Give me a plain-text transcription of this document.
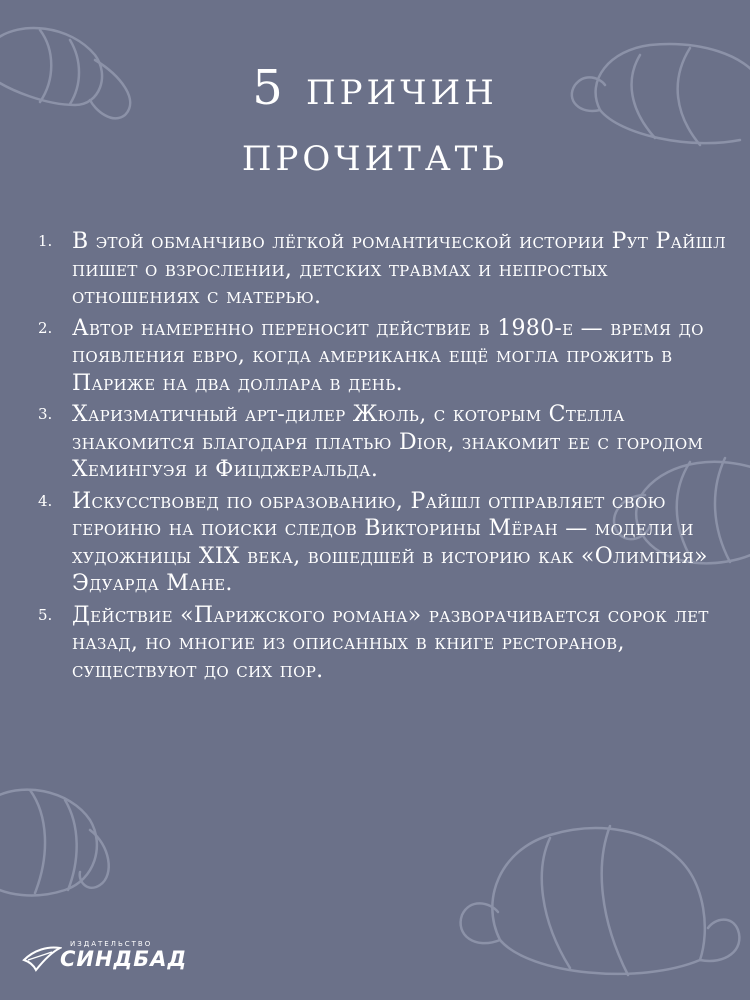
5 причин
прочитать
1. В этой обманчиво лёгкой романтической истории Рут Райшл пишет о взрослении, детских травмах и непростых отношениях с матерью.
2. Автор намеренно переносит действие в 1980-е — время до появления евро, когда американка ещё могла прожить в Париже на два доллара в день.
3. Харизматичный арт-дилер Жюль, с которым Стелла знакомится благодаря платью Dior, знакомит ее с городом Хемингуэя и Фицджеральда.
4. Искусствовед по образованию, Райшл отправляет свою героиню на поиски следов Викторины Мёран — модели и художницы XIX века, вошедшей в историю как «Олимпия» Эдуарда Мане.
5. Действие «Парижского романа» разворачивается сорок лет назад, но многие из описанных в книге ресторанов, существуют до сих пор.
ИЗДАТЕЛЬСТВО
СИНДБАД
